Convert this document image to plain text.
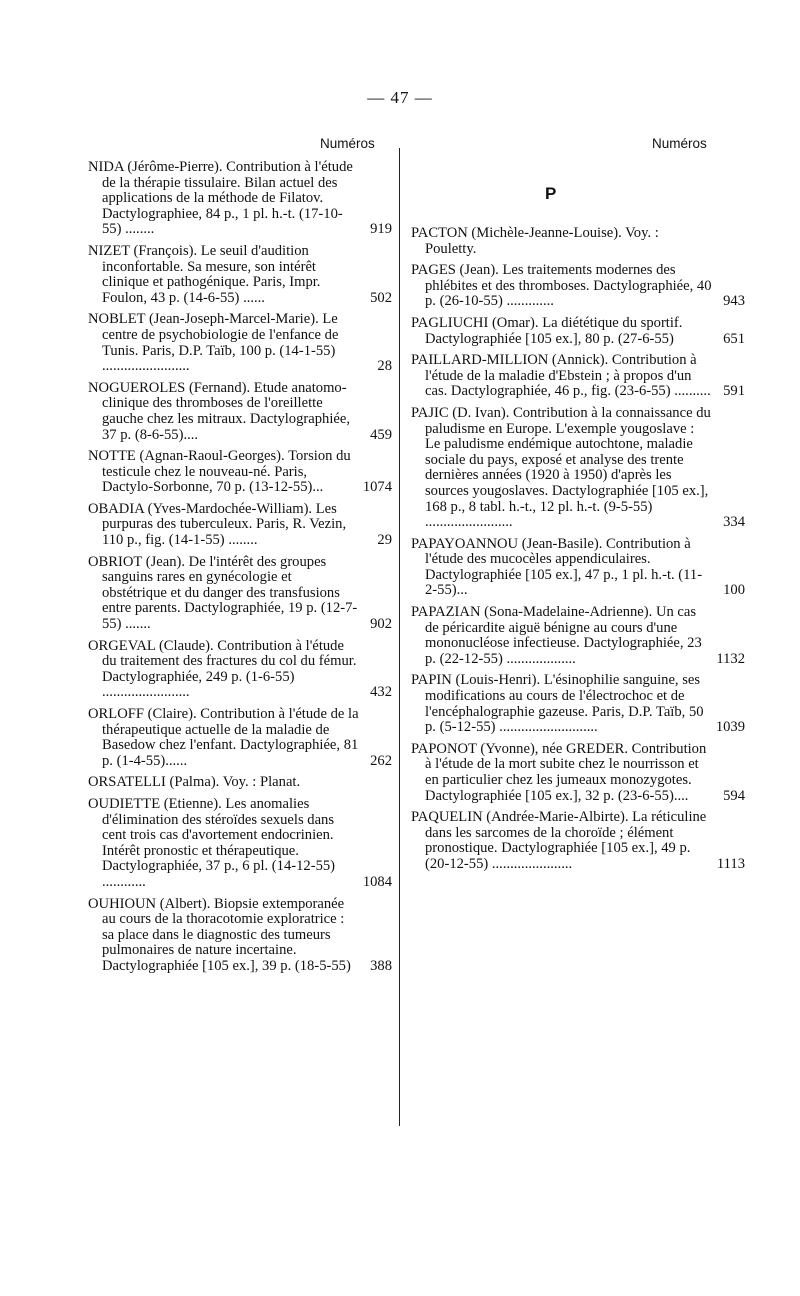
— 47 —
Numéros	Numéros
P
NIDA (Jérôme-Pierre). Contribution à l'étude de la thérapie tissulaire. Bilan actuel des applications de la méthode de Filatov. Dactylographiee, 84 p., 1 pl. h.-t. (17-10-55) ........	919
NIZET (François). Le seuil d'audition inconfortable. Sa mesure, son intérêt clinique et pathogénique. Paris, Impr. Foulon, 43 p. (14-6-55) ......	502
NOBLET (Jean-Joseph-Marcel-Marie). Le centre de psychobiologie de l'enfance de Tunis. Paris, D.P. Taïb, 100 p. (14-1-55) ........................	28
NOGUEROLES (Fernand). Etude anatomo-clinique des thromboses de l'oreillette gauche chez les mitraux. Dactylographiée, 37 p. (8-6-55)....	459
NOTTE (Agnan-Raoul-Georges). Torsion du testicule chez le nouveau-né. Paris, Dactylo-Sorbonne, 70 p. (13-12-55)...	1074
OBADIA (Yves-Mardochée-William). Les purpuras des tuberculeux. Paris, R. Vezin, 110 p., fig. (14-1-55) ........	29
OBRIOT (Jean). De l'intérêt des groupes sanguins rares en gynécologie et obstétrique et du danger des transfusions entre parents. Dactylographiée, 19 p. (12-7-55) .......	902
ORGEVAL (Claude). Contribution à l'étude du traitement des fractures du col du fémur. Dactylographiée, 249 p. (1-6-55) ........................	432
ORLOFF (Claire). Contribution à l'étude de la thérapeutique actuelle de la maladie de Basedow chez l'enfant. Dactylographiée, 81 p. (1-4-55)......	262
ORSATELLI (Palma). Voy. : Planat.
OUDIETTE (Etienne). Les anomalies d'élimination des stéroïdes sexuels dans cent trois cas d'avortement endocrinien. Intérêt pronostic et thérapeutique. Dactylographiée, 37 p., 6 pl. (14-12-55) ............	1084
OUHIOUN (Albert). Biopsie extemporanée au cours de la thoracotomie exploratrice : sa place dans le diagnostic des tumeurs pulmonaires de nature incertaine. Dactylographiée [105 ex.], 39 p. (18-5-55) 388
PACTON (Michèle-Jeanne-Louise). Voy. : Pouletty.
PAGES (Jean). Les traitements modernes des phlébites et des thromboses. Dactylographiée, 40 p. (26-10-55) .............	943
PAGLIUCHI (Omar). La diététique du sportif. Dactylographiée [105 ex.], 80 p. (27-6-55)	651
PAILLARD-MILLION (Annick). Contribution à l'étude de la maladie d'Ebstein ; à propos d'un cas. Dactylographiée, 46 p., fig. (23-6-55) .......... 591
PAJIC (D. Ivan). Contribution à la connaissance du paludisme en Europe. L'exemple yougoslave : Le paludisme endémique autochtone, maladie sociale du pays, exposé et analyse des trente dernières années (1920 à 1950) d'après les sources yougoslaves. Dactylographiée [105 ex.], 168 p., 8 tabl. h.-t., 12 pl. h.-t. (9-5-55) ........................	334
PAPAYOANNOU (Jean-Basile). Contribution à l'étude des mucocèles appendiculaires. Dactylographiée [105 ex.], 47 p., 1 pl. h.-t. (11-2-55)...	100
PAPAZIAN (Sona-Madelaine-Adrienne). Un cas de péricardite aiguë bénigne au cours d'une mononucléose infectieuse. Dactylographiée, 23 p. (22-12-55) ...................	1132
PAPIN (Louis-Henri). L'ésinophilie sanguine, ses modifications au cours de l'électrochoc et de l'encéphalographie gazeuse. Paris, D.P. Taïb, 50 p. (5-12-55) ...........................	1039
PAPONOT (Yvonne), née GREDER. Contribution à l'étude de la mort subite chez le nourrisson et en particulier chez les jumeaux monozygotes. Dactylographiée [105 ex.], 32 p. (23-6-55).... 594
PAQUELIN (Andrée-Marie-Albirte). La réticuline dans les sarcomes de la choroïde ; élément pronostique. Dactylographiée [105 ex.], 49 p. (20-12-55) ......................	1113
